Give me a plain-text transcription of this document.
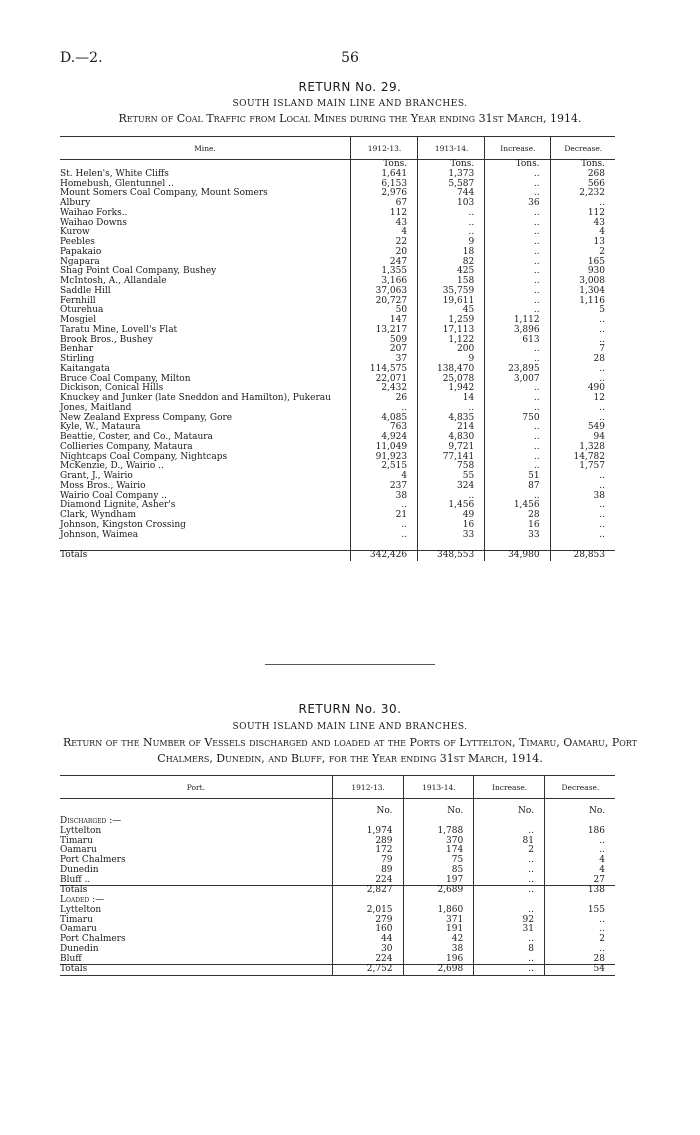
D.—2.	56
RETURN No. 29.
SOUTH ISLAND MAIN LINE AND BRANCHES.
Return of Coal Traffic from Local Mines during the Year ending 31st March, 1914.
Mine.	1912-13.	1913-14.	Increase.	Decrease.
	Tons.	Tons.	Tons.	Tons.
St. Helen's, White Cliffs	1,641	1,373	..	268
Homebush, Glentunnel ..	6,153	5,587	..	566
Mount Somers Coal Company, Mount Somers	2,976	744	..	2,232
Albury	67	103	36	..
Waihao Forks..	112	..	..	112
Waihao Downs	43	..	..	43
Kurow	4	..	..	4
Peebles	22	9	..	13
Papakaio	20	18	..	2
Ngapara	247	82	..	165
Shag Point Coal Company, Bushey	1,355	425	..	930
McIntosh, A., Allandale	3,166	158	..	3,008
Saddle Hill	37,063	35,759	..	1,304
Fernhill	20,727	19,611	..	1,116
Oturehua	50	45	..	5
Mosgiel	147	1,259	1,112	..
Taratu Mine, Lovell's Flat	13,217	17,113	3,896	..
Brook Bros., Bushey	509	1,122	613	..
Benhar	207	200	..	7
Stirling	37	9	..	28
Kaitangata	114,575	138,470	23,895	..
Bruce Coal Company, Milton	22,071	25,078	3,007	..
Dickison, Conical Hills	2,432	1,942	..	490
Knuckey and Junker (late Sneddon and Hamilton), Pukerau	26	14	..	12
Jones, Maitland	..	..	..	..
New Zealand Express Company, Gore	4,085	4,835	750	..
Kyle, W., Mataura	763	214	..	549
Beattie, Coster, and Co., Mataura	4,924	4,830	..	94
Collieries Company, Mataura	11,049	9,721	..	1,328
Nightcaps Coal Company, Nightcaps	91,923	77,141	..	14,782
McKenzie, D., Wairio ..	2,515	758	..	1,757
Grant, J., Wairio	4	55	51	..
Moss Bros., Wairio	237	324	87	..
Wairio Coal Company ..	38	..	..	38
Diamond Lignite, Asher's	..	1,456	1,456	..
Clark, Wyndham	21	49	28	..
Johnson, Kingston Crossing	..	16	16	..
Johnson, Waimea	..	33	33	..

Totals	342,426	348,553	34,980	28,853
RETURN No. 30.
SOUTH ISLAND MAIN LINE AND BRANCHES.
Return of the Number of Vessels discharged and loaded at the Ports of Lyttelton, Timaru, Oamaru, Port Chalmers, Dunedin, and Bluff, for the Year ending 31st March, 1914.
Port.	1912-13.	1913-14.	Increase.	Decrease.
	No.	No.	No.	No.
Discharged :—				
Lyttelton	1,974	1,788	..	186
Timaru	289	370	81	..
Oamaru	172	174	2	..
Port Chalmers	79	75	..	4
Dunedin	89	85	..	4
Bluff ..	224	197	..	27
Totals	2,827	2,689	..	138
Loaded :—				
Lyttelton	2,015	1,860	..	155
Timaru	279	371	92	..
Oamaru	160	191	31	..
Port Chalmers	44	42	..	2
Dunedin	30	38	8	..
Bluff	224	196	..	28
Totals	2,752	2,698	..	54
